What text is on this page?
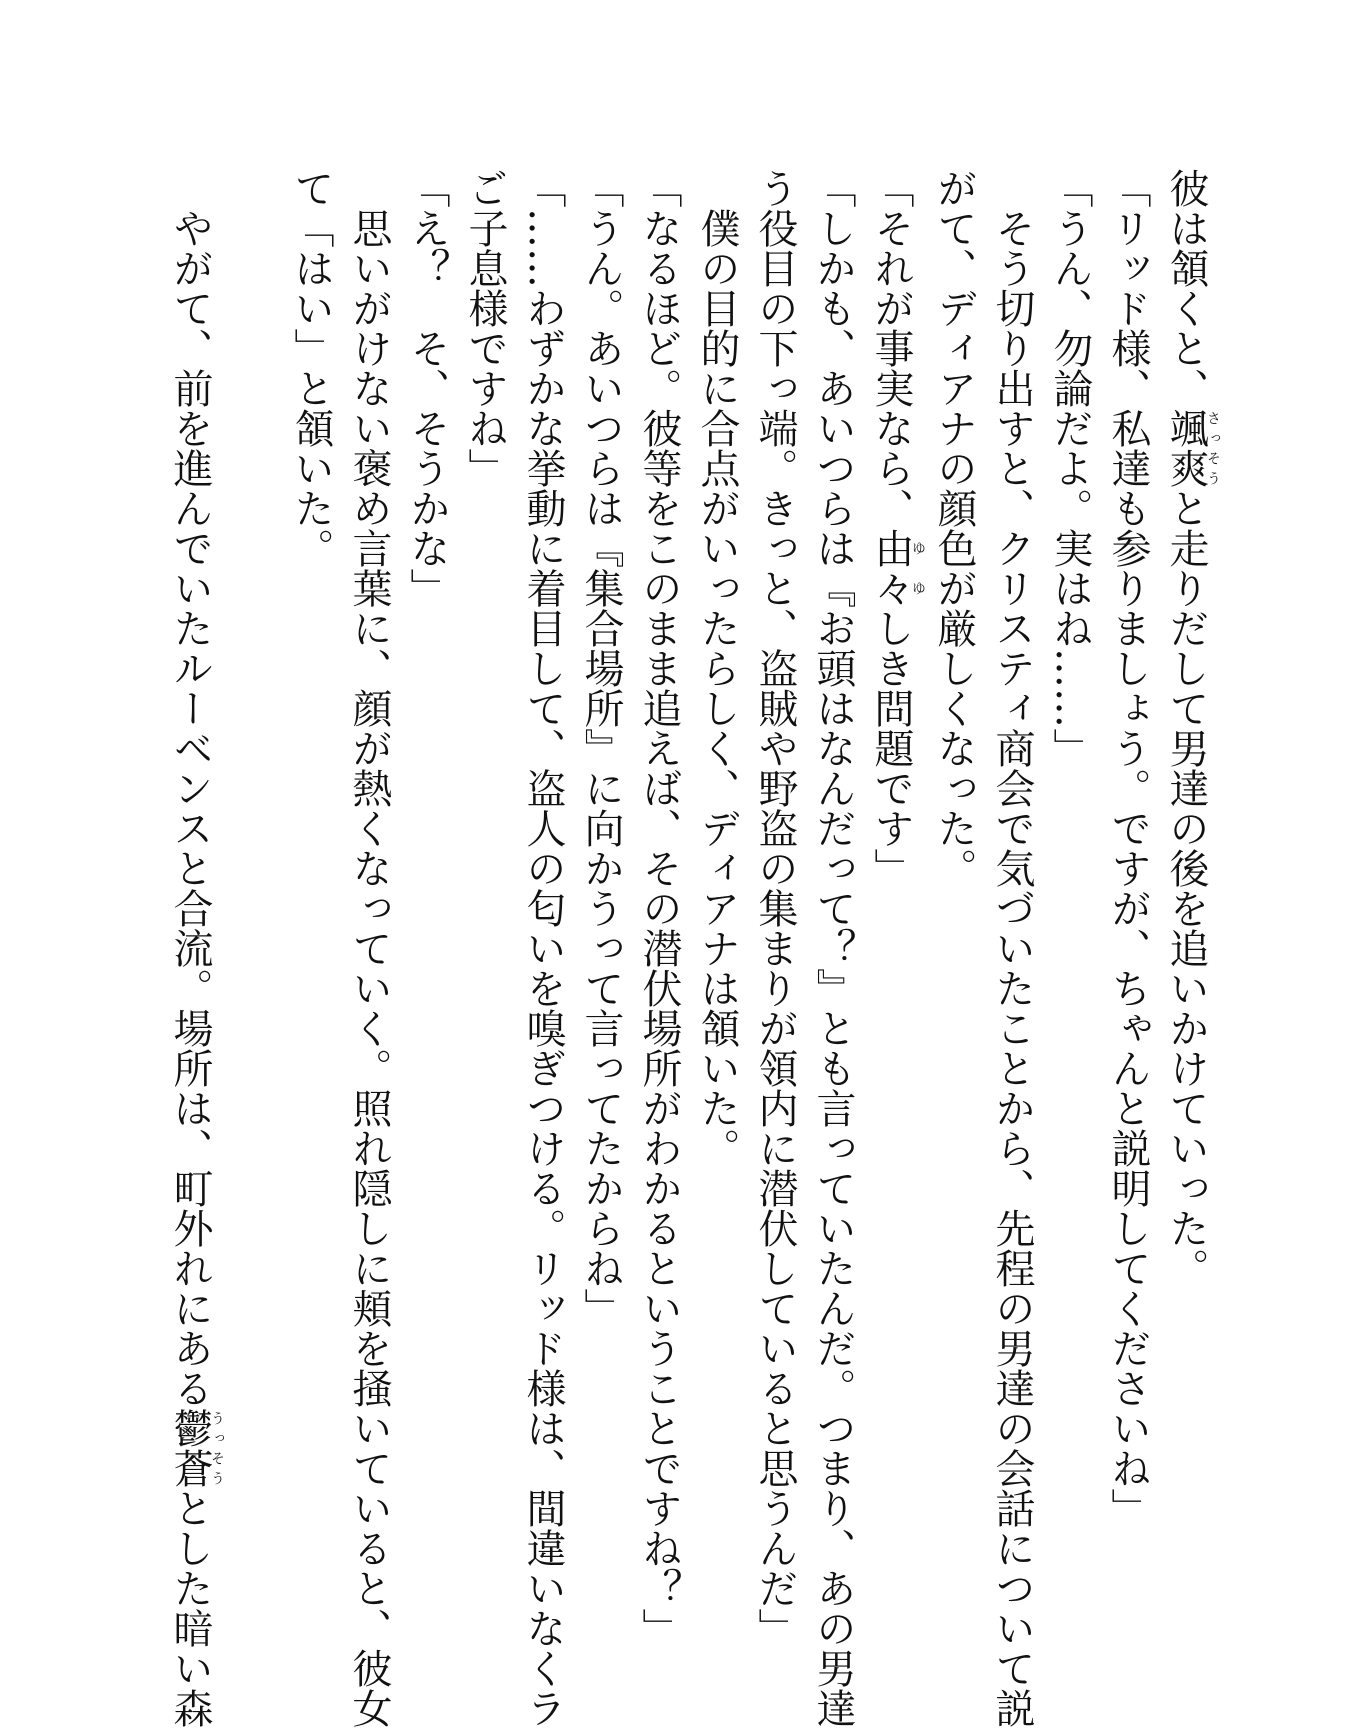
彼は頷くと、颯爽さっそうと走りだして男達の後を追いかけていった。

「リッド様、私達も参りましょう。ですが、ちゃんと説明してくださいね」

「うん、勿論だよ。実はね……」

　そう切り出すと、クリスティ商会で気づいたことから、先程の男達の会話について説

がて、ディアナの顔色が厳しくなった。

「それが事実なら、由々ゆゆしき問題です」

「しかも、あいつらは『お頭はなんだって？』とも言っていたんだ。つまり、あの男達

う役目の下っ端。きっと、盗賊や野盗の集まりが領内に潜伏していると思うんだ」

　僕の目的に合点がいったらしく、ディアナは頷いた。

「なるほど。彼等をこのまま追えば、その潜伏場所がわかるということですね？」

「うん。あいつらは『集合場所』に向かうって言ってたからね」

「……わずかな挙動に着目して、盗人の匂いを嗅ぎつける。リッド様は、間違いなくラ

ご子息様ですね」

「え？　そ、そうかな」

　思いがけない褒め言葉に、顔が熱くなっていく。照れ隠しに頬を掻いていると、彼女

て「はい」と頷いた。

　やがて、前を進んでいたルーベンスと合流。場所は、町外れにある鬱蒼うっそうとした暗い森
